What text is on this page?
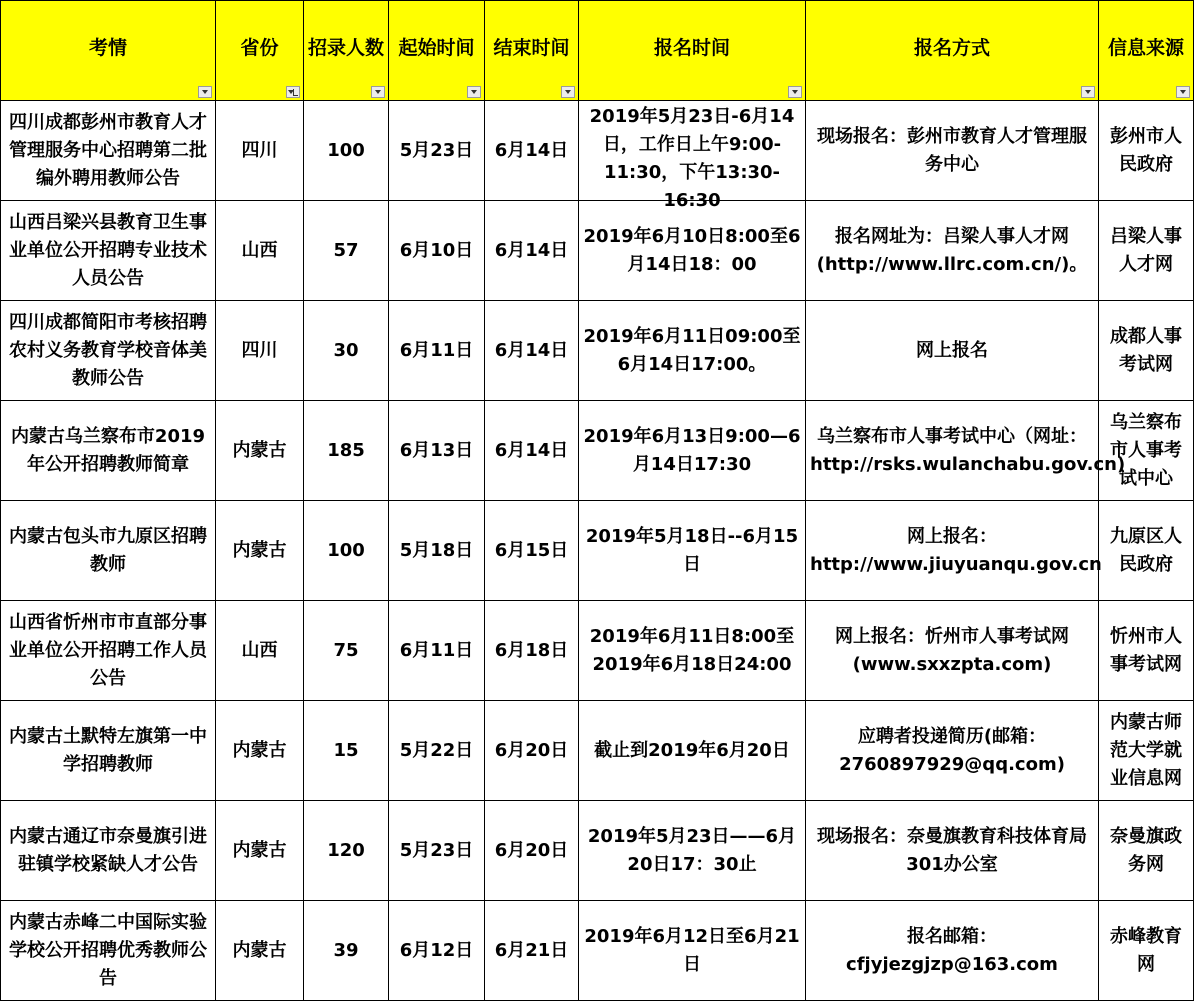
考情	省份	招录人数	起始时间	结束时间	报名时间	报名方式	信息来源

四川成都彭州市教育人才管理服务中心招聘第二批编外聘用教师公告	四川	100	5月23日	6月14日	2019年5月23日-6月14日，工作日上午9:00-11:30，下午13:30-16:30	现场报名：彭州市教育人才管理服务中心	彭州市人民政府

山西吕梁兴县教育卫生事业单位公开招聘专业技术人员公告	山西	57	6月10日	6月14日	2019年6月10日8:00至6月14日18：00	报名网址为：吕梁人事人才网(http://www.llrc.com.cn/)。	吕梁人事人才网

四川成都简阳市考核招聘农村义务教育学校音体美教师公告	四川	30	6月11日	6月14日	2019年6月11日09:00至6月14日17:00。	网上报名	成都人事考试网

内蒙古乌兰察布市2019年公开招聘教师简章	内蒙古	185	6月13日	6月14日	2019年6月13日9:00—6月14日17:30	乌兰察布市人事考试中心（网址：http://rsks.wulanchabu.gov.cn)	乌兰察布市人事考试中心

内蒙古包头市九原区招聘教师	内蒙古	100	5月18日	6月15日	2019年5月18日--6月15日	网上报名：http://www.jiuyuanqu.gov.cn	九原区人民政府

山西省忻州市市直部分事业单位公开招聘工作人员公告	山西	75	6月11日	6月18日	2019年6月11日8:00至2019年6月18日24:00	网上报名：忻州市人事考试网(www.sxxzpta.com)	忻州市人事考试网

内蒙古土默特左旗第一中学招聘教师	内蒙古	15	5月22日	6月20日	截止到2019年6月20日	应聘者投递简历(邮箱：2760897929@qq.com)	内蒙古师范大学就业信息网

内蒙古通辽市奈曼旗引进驻镇学校紧缺人才公告	内蒙古	120	5月23日	6月20日	2019年5月23日——6月20日17：30止	现场报名：奈曼旗教育科技体育局301办公室	奈曼旗政务网

内蒙古赤峰二中国际实验学校公开招聘优秀教师公告	内蒙古	39	6月12日	6月21日	2019年6月12日至6月21日	报名邮箱：cfjyjezgjzp@163.com	赤峰教育网
